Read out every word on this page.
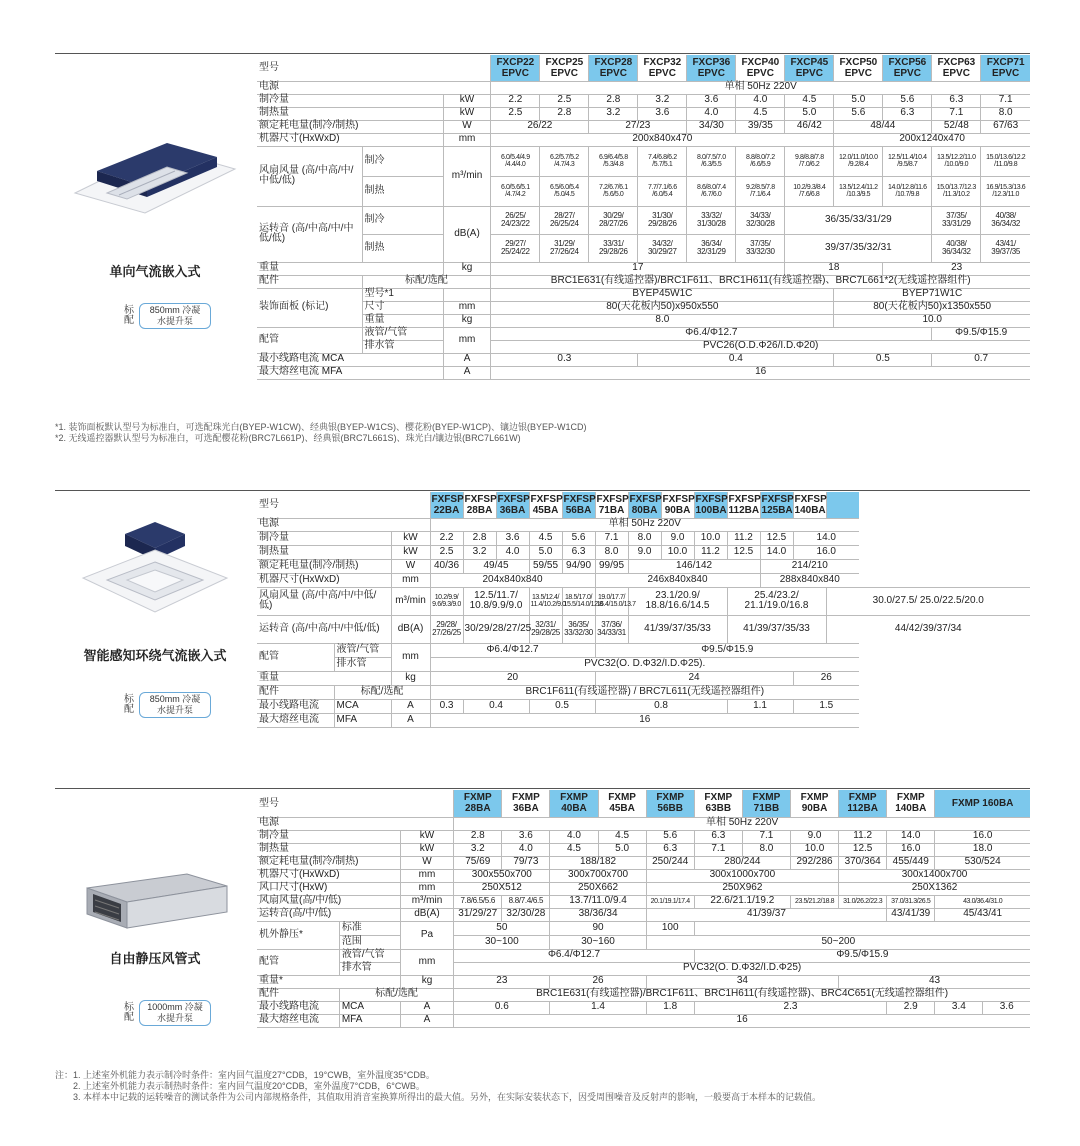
单向气流嵌入式
标配
850mm 冷凝水提升泵
型号			FXCP22 EPVC	FXCP25 EPVC	FXCP28 EPVC	FXCP32 EPVC	FXCP36 EPVC	FXCP40 EPVC	FXCP45 EPVC	FXCP50 EPVC	FXCP56 EPVC	FXCP63 EPVC	FXCP71 EPVC
电源			单相 50Hz 220V										
制冷量		kW	2.2	2.5	2.8	3.2	3.6	4.0	4.5	5.0	5.6	6.3	7.1
制热量		kW	2.5	2.8	3.2	3.6	4.0	4.5	5.0	5.6	6.3	7.1	8.0
额定耗电量(制冷/制热)		W	26/22		27/23		34/30	39/35	46/42	48/44		52/48	67/63
机器尺寸(HxWxD)		mm	200x840x470							200x1240x470			
风扇风量 (高/中高/中/中低/低)	制冷	m³/min	6.0/5.4/4.9 /4.4/4.0	6.2/5.7/5.2 /4.7/4.3	6.9/6.4/5.8 /5.3/4.8	7.4/6.8/6.2 /5.7/5.1	8.0/7.5/7.0 /6.3/5.5	8.8/8.0/7.2 /6.6/5.9	9.8/8.8/7.8 /7.0/6.2	12.0/11.0/10.0 /9.2/8.4	12.5/11.4/10.4 /9.5/8.7	13.5/12.2/11.0 /10.0/9.0	15.0/13.6/12.2 /11.0/9.8
	制热		6.0/5.6/5.1 /4.7/4.2	6.5/6.0/5.4 /5.0/4.5	7.2/6.7/6.1 /5.6/5.0	7.7/7.1/6.6 /6.0/5.4	8.6/8.0/7.4 /6.7/6.0	9.2/8.5/7.8 /7.1/6.4	10.2/9.3/8.4 /7.6/6.8	13.5/12.4/11.2 /10.3/9.5	14.0/12.8/11.6 /10.7/9.8	15.0/13.7/12.3 /11.3/10.2	16.9/15.3/13.6 /12.3/11.0
运转音 (高/中高/中/中低/低)	制冷	dB(A)	26/25/ 24/23/22	28/27/ 26/25/24	30/29/ 28/27/26	31/30/ 29/28/26	33/32/ 31/30/28	34/33/ 32/30/28	36/35/33/31/29			37/35/ 33/31/29	40/38/ 36/34/32
	制热		29/27/ 25/24/22	31/29/ 27/26/24	33/31/ 29/28/26	34/32/ 30/29/27	36/34/ 32/31/29	37/35/ 33/32/30	39/37/35/32/31			40/38/ 36/34/32	43/41/ 39/37/35
重量		kg	17						18		23		
配件	标配/选配		BRC1E631(有线遥控器)/BRC1F611、BRC1H611(有线遥控器)、BRC7L661*2(无线遥控器组件)										
装饰面板 (标记)	型号*1		BYEP45W1C							BYEP71W1C			
	尺寸	mm	80(天花板内50)x950x550							80(天花板内50)x1350x550			
	重量	kg	8.0							10.0			
配管	液管/气管	mm	Φ6.4/Φ12.7									Φ9.5/Φ15.9	
	排水管		PVC26(O.D.Φ26/I.D.Φ20)										
最小线路电流 MCA		A	0.3			0.4				0.5		0.7	
最大熔丝电流 MFA		A	16										
*1. 装饰面板默认型号为标准白，可选配珠光白(BYEP-W1CW)、经典银(BYEP-W1CS)、樱花粉(BYEP-W1CP)、镶边银(BYEP-W1CD)
*2. 无线遥控器默认型号为标准白，可选配樱花粉(BRC7L661P)、经典银(BRC7L661S)、珠光白/镶边银(BRC7L661W)
智能感知环绕气流嵌入式
标配
850mm 冷凝水提升泵
型号			FXFSP 22BA	FXFSP 28BA	FXFSP 36BA	FXFSP 45BA	FXFSP 56BA	FXFSP 71BA	FXFSP 80BA	FXFSP 90BA	FXFSP 100BA	FXFSP 112BA	FXFSP 125BA	FXFSP 140BA	
电源			单相 50Hz 220V												
制冷量		kW	2.2	2.8	3.6	4.5	5.6	7.1	8.0	9.0	10.0	11.2	12.5	14.0	
制热量		kW	2.5	3.2	4.0	5.0	6.3	8.0	9.0	10.0	11.2	12.5	14.0	16.0	
额定耗电量(制冷/制热)		W	40/36	49/45		59/55	94/90	99/95	146/142				214/210		
机器尺寸(HxWxD)		mm	204x840x840					246x840x840					288x840x840		
风扇风量 (高/中高/中/中低/低)		m³/min	10.2/9.9/ 9.6/9.3/9.0	12.5/11.7/ 10.8/9.9/9.0		13.5/12.4/ 11.4/10.2/9.0	18.5/17.0/ 15.5/14.0/12.8	19.0/17.7/ 16.4/15.0/13.7	23.1/20.9/ 18.8/16.6/14.5			25.4/23.2/ 21.1/19.0/16.8			30.0/27.5/ 25.0/22.5/20.0
运转音 (高/中高/中/中低/低)		dB(A)	29/28/ 27/26/25	30/29/28/27/25		32/31/ 29/28/25	36/35/ 33/32/30	37/36/ 34/33/31	41/39/37/35/33			41/39/37/35/33			44/42/39/37/34
配管	液管/气管	mm	Φ6.4/Φ12.7					Φ9.5/Φ15.9							
	排水管		PVC32(O. D.Φ32/I.D.Φ25).												
重量		kg	20					24						26	
配件	标配/选配		BRC1F611(有线遥控器) / BRC7L611(无线遥控器组件)												
最小线路电流	MCA	A	0.3	0.4		0.5		0.8				1.1		1.5	
最大熔丝电流	MFA	A	16												
自由静压风管式
标配
1000mm 冷凝水提升泵
型号			FXMP 28BA	FXMP 36BA	FXMP 40BA	FXMP 45BA	FXMP 56BB	FXMP 63BB	FXMP 71BB	FXMP 90BA	FXMP 112BA	FXMP 140BA	FXMP 160BA	
电源			单相 50Hz 220V											
制冷量		kW	2.8	3.6	4.0	4.5	5.6	6.3	7.1	9.0	11.2	14.0	16.0	
制热量		kW	3.2	4.0	4.5	5.0	6.3	7.1	8.0	10.0	12.5	16.0	18.0	
额定耗电量(制冷/制热)		W	75/69	79/73	188/182		250/244	280/244		292/286	370/364	455/449	530/524	
机器尺寸(HxWxD)		mm	300x550x700		300x700x700		300x1000x700				300x1400x700			
风口尺寸(HxW)		mm	250X512		250X662		250X962				250X1362			
风扇风量(高/中/低)		m³/min	7.8/6.5/5.6	8.8/7.4/6.5	13.7/11.0/9.4		20.1/19.1/17.4	22.6/21.1/19.2		23.5/21.2/18.8	31.0/26.2/22.3	37.0/31.3/26.5	43.0/36.4/31.0	
运转音(高/中/低)		dB(A)	31/29/27	32/30/28	38/36/34		41/39/37					43/41/39	45/43/41	
机外静压*	标准	Pa	50		90		100							
	范围		30~100		30~160		50~200							
配管	液管/气管	mm	Φ6.4/Φ12.7					Φ9.5/Φ15.9						
	排水管		PVC32(O. D.Φ32/I.D.Φ25)											
重量*		kg	23		26		34				43			
配件	标配/选配		BRC1E631(有线遥控器)/BRC1F611、BRC1H611(有线遥控器)、BRC4C651(无线遥控器组件)											
最小线路电流	MCA	A	0.6		1.4		1.8	2.3				2.9	3.4	3.6
最大熔丝电流	MFA	A	16											
注：1. 上述室外机能力表示制冷时条件：室内回气温度27°CDB，19°CWB，室外温度35°CDB。
2. 上述室外机能力表示制热时条件：室内回气温度20°CDB，室外温度7°CDB，6°CWB。
3. 本样本中记载的运转噪音的测试条件为公司内部规格条件，其值取用消音室换算所得出的最大值。另外，在实际安装状态下，因受周围噪音及反射声的影响，一般要高于本样本的记载值。
